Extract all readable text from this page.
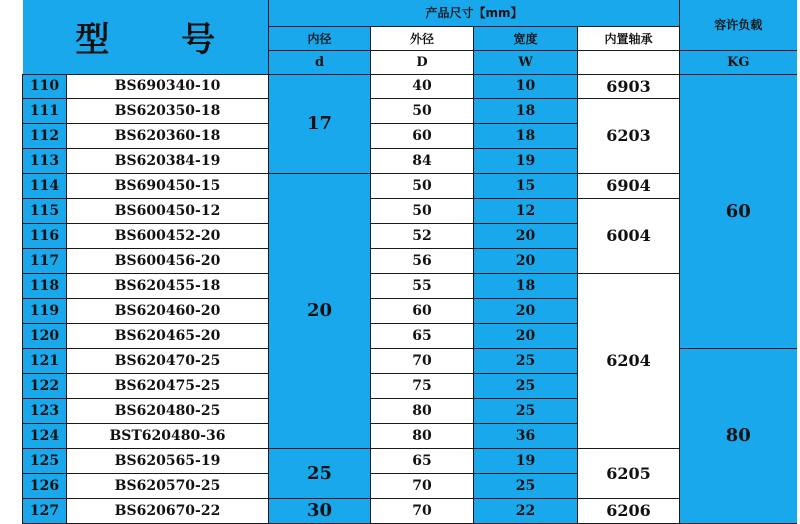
型 号		产品尺寸【mm】				容许负载
		内径	外径	宽度	内置轴承	
		d	D	W		KG
110	BS690340-10	17	40	10	6903	60
111	BS620350-18		50	18	6203	
112	BS620360-18		60	18		
113	BS620384-19		84	19		
114	BS690450-15	20	50	15	6904	
115	BS600450-12		50	12	6004	
116	BS600452-20		52	20		
117	BS600456-20		56	20		
118	BS620455-18		55	18	6204	
119	BS620460-20		60	20		
120	BS620465-20		65	20		
121	BS620470-25		70	25		80
122	BS620475-25		75	25		
123	BS620480-25		80	25		
124	BST620480-36		80	36		
125	BS620565-19	25	65	19	6205	
126	BS620570-25		70	25		
127	BS620670-22	30	70	22	6206	
